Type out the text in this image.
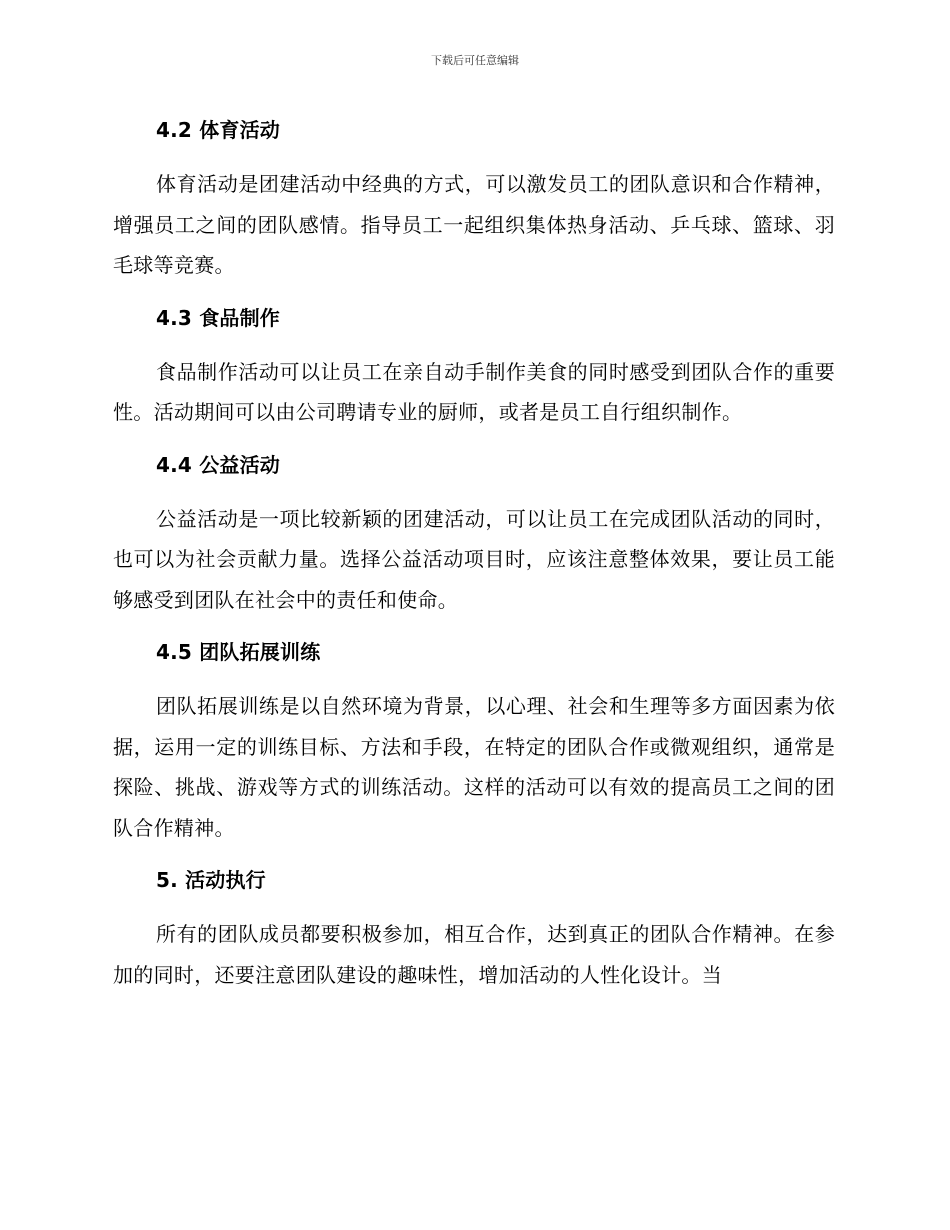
下载后可任意编辑
4.2 体育活动

体育活动是团建活动中经典的方式，可以激发员工的团队意识和合作精神，增强员工之间的团队感情。指导员工一起组织集体热身活动、乒乓球、篮球、羽毛球等竞赛。

4.3 食品制作

食品制作活动可以让员工在亲自动手制作美食的同时感受到团队合作的重要性。活动期间可以由公司聘请专业的厨师，或者是员工自行组织制作。

4.4 公益活动

公益活动是一项比较新颖的团建活动，可以让员工在完成团队活动的同时，也可以为社会贡献力量。选择公益活动项目时，应该注意整体效果，要让员工能够感受到团队在社会中的责任和使命。

4.5 团队拓展训练

团队拓展训练是以自然环境为背景，以心理、社会和生理等多方面因素为依据，运用一定的训练目标、方法和手段，在特定的团队合作或微观组织，通常是探险、挑战、游戏等方式的训练活动。这样的活动可以有效的提高员工之间的团队合作精神。

5. 活动执行

所有的团队成员都要积极参加，相互合作，达到真正的团队合作精神。在参加的同时，还要注意团队建设的趣味性，增加活动的人性化设计。当
